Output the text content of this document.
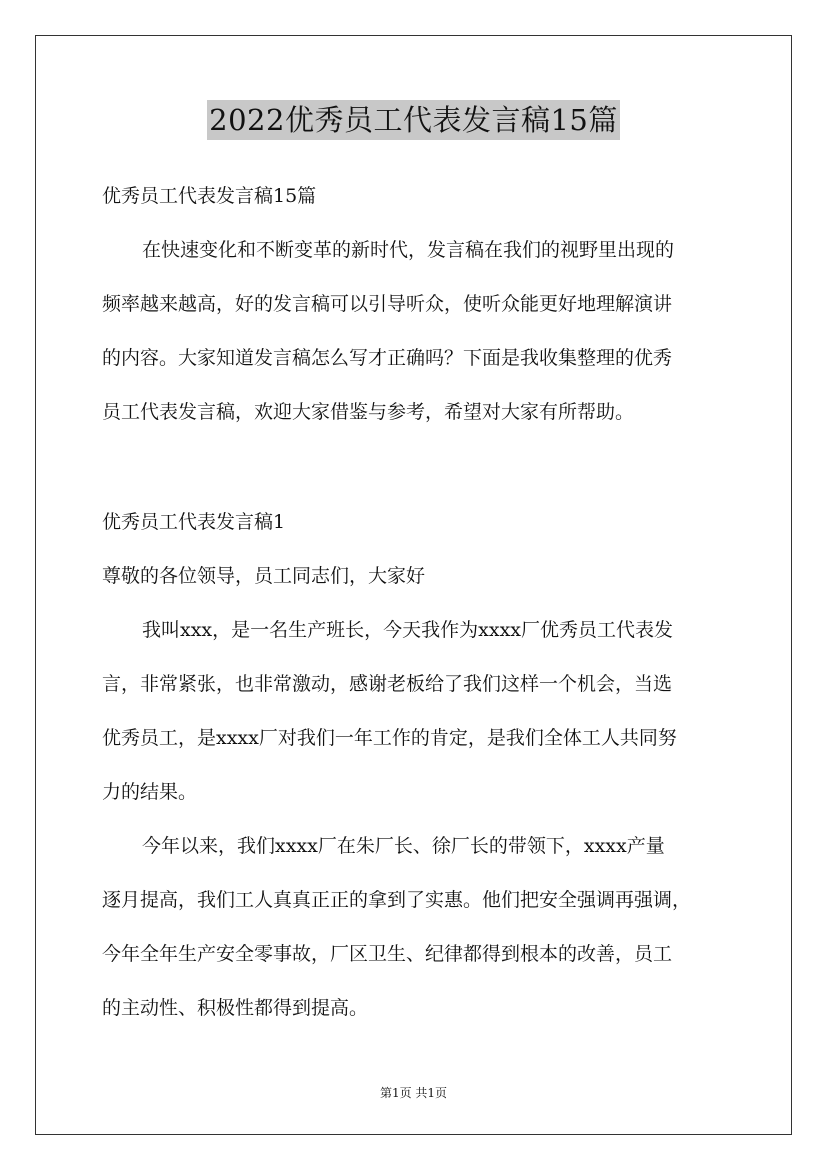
2022优秀员工代表发言稿15篇
优秀员工代表发言稿15篇
在快速变化和不断变革的新时代，发言稿在我们的视野里出现的
频率越来越高，好的发言稿可以引导听众，使听众能更好地理解演讲
的内容。大家知道发言稿怎么写才正确吗？下面是我收集整理的优秀
员工代表发言稿，欢迎大家借鉴与参考，希望对大家有所帮助。
优秀员工代表发言稿1
尊敬的各位领导，员工同志们，大家好
我叫xxx，是一名生产班长，今天我作为xxxx厂优秀员工代表发
言，非常紧张，也非常激动，感谢老板给了我们这样一个机会，当选
优秀员工，是xxxx厂对我们一年工作的肯定，是我们全体工人共同努
力的结果。
今年以来，我们xxxx厂在朱厂长、徐厂长的带领下，xxxx产量
逐月提高，我们工人真真正正的拿到了实惠。他们把安全强调再强调，
今年全年生产安全零事故，厂区卫生、纪律都得到根本的改善，员工
的主动性、积极性都得到提高。
第1页 共1页
